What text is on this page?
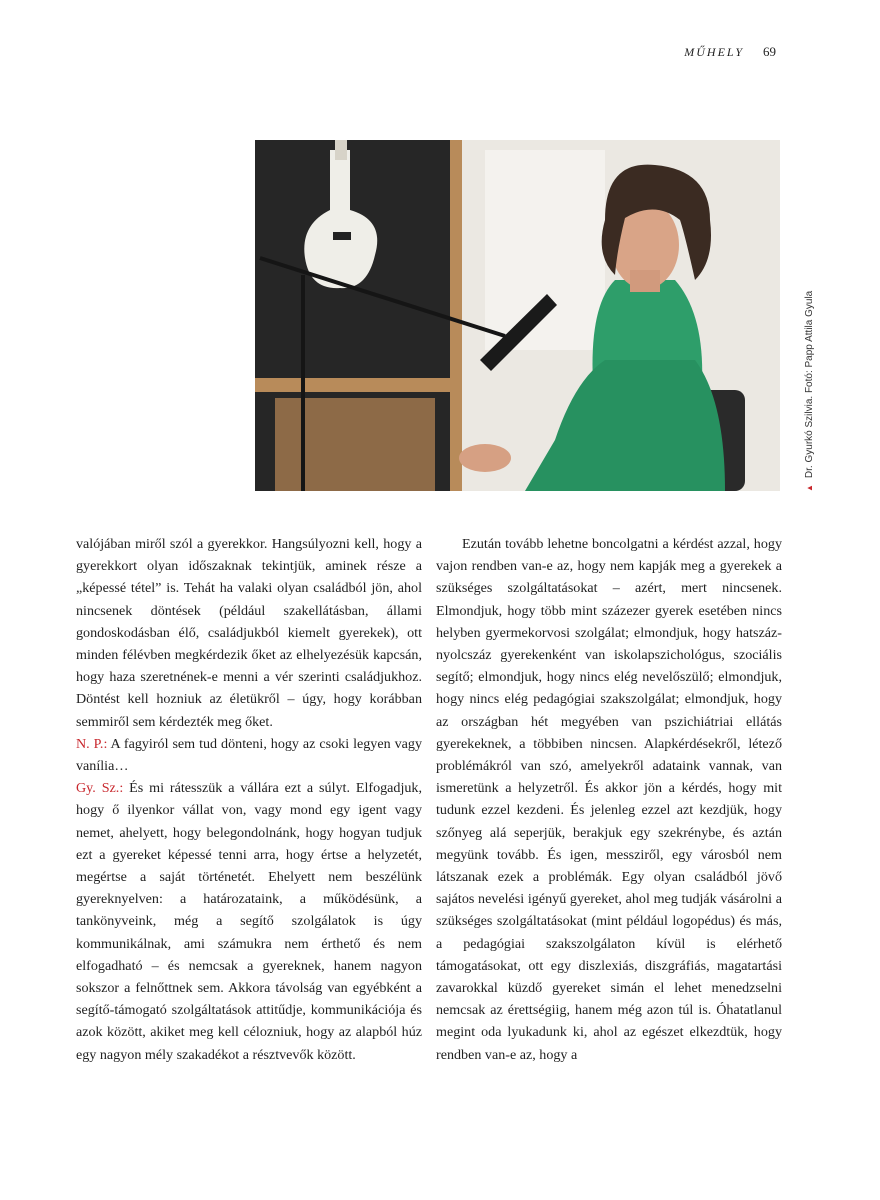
MŰHELY 69
▲Dr. Gyurkó Szilvia. Fotó: Papp Attila Gyula

valójában miről szól a gyerekkor. Hangsúlyozni kell, hogy a gyerekkort olyan időszaknak tekintjük, aminek része a „képessé tétel” is. Tehát ha valaki olyan családból jön, ahol nincsenek döntések (például szakellátásban, állami gondoskodásban élő, családjukból kiemelt gyerekek), ott minden félévben megkérdezik őket az elhelyezésük kapcsán, hogy haza szeretnének-e menni a vér szerinti családjukhoz. Döntést kell hozniuk az életükről – úgy, hogy korábban semmiről sem kérdezték meg őket.

N. P.: A fagyiról sem tud dönteni, hogy az csoki legyen vagy vanília…

Gy. Sz.: És mi rátesszük a vállára ezt a súlyt. Elfogadjuk, hogy ő ilyenkor vállat von, vagy mond egy igent vagy nemet, ahelyett, hogy belegondolnánk, hogy hogyan tudjuk ezt a gyereket képessé tenni arra, hogy értse a helyzetét, megértse a saját történetét. Ehelyett nem beszélünk gyereknyelven: a határozataink, a működésünk, a tankönyveink, még a segítő szolgálatok is úgy kommunikálnak, ami számukra nem érthető és nem elfogadható – és nemcsak a gyereknek, hanem nagyon sokszor a felnőttnek sem. Akkora távolság van egyébként a segítő-támogató szolgáltatások attitűdje, kommunikációja és azok között, akiket meg kell célozniuk, hogy az alapból húz egy nagyon mély szakadékot a résztvevők között.

Ezután tovább lehetne boncolgatni a kérdést azzal, hogy vajon rendben van-e az, hogy nem kapják meg a gyerekek a szükséges szolgáltatásokat – azért, mert nincsenek. Elmondjuk, hogy több mint százezer gyerek esetében nincs helyben gyermekorvosi szolgálat; elmondjuk, hogy hatszáz-nyolcszáz gyerekenként van iskolapszichológus, szociális segítő; elmondjuk, hogy nincs elég nevelőszülő; elmondjuk, hogy nincs elég pedagógiai szakszolgálat; elmondjuk, hogy az országban hét megyében van pszichiátriai ellátás gyerekeknek, a többiben nincsen. Alapkérdésekről, létező problémákról van szó, amelyekről adataink vannak, van ismeretünk a helyzetről. És akkor jön a kérdés, hogy mit tudunk ezzel kezdeni. És jelenleg ezzel azt kezdjük, hogy szőnyeg alá seperjük, berakjuk egy szekrénybe, és aztán megyünk tovább. És igen, messziről, egy városból nem látszanak ezek a problémák. Egy olyan családból jövő sajátos nevelési igényű gyereket, ahol meg tudják vásárolni a szükséges szolgáltatásokat (mint például logopédus) és más, a pedagógiai szakszolgálaton kívül is elérhető támogatásokat, ott egy diszlexiás, diszgráfiás, magatartási zavarokkal küzdő gyereket simán el lehet menedzselni nemcsak az érettségiig, hanem még azon túl is. Óhatatlanul megint oda lyukadunk ki, ahol az egészet elkezdtük, hogy rendben van-e az, hogy a
